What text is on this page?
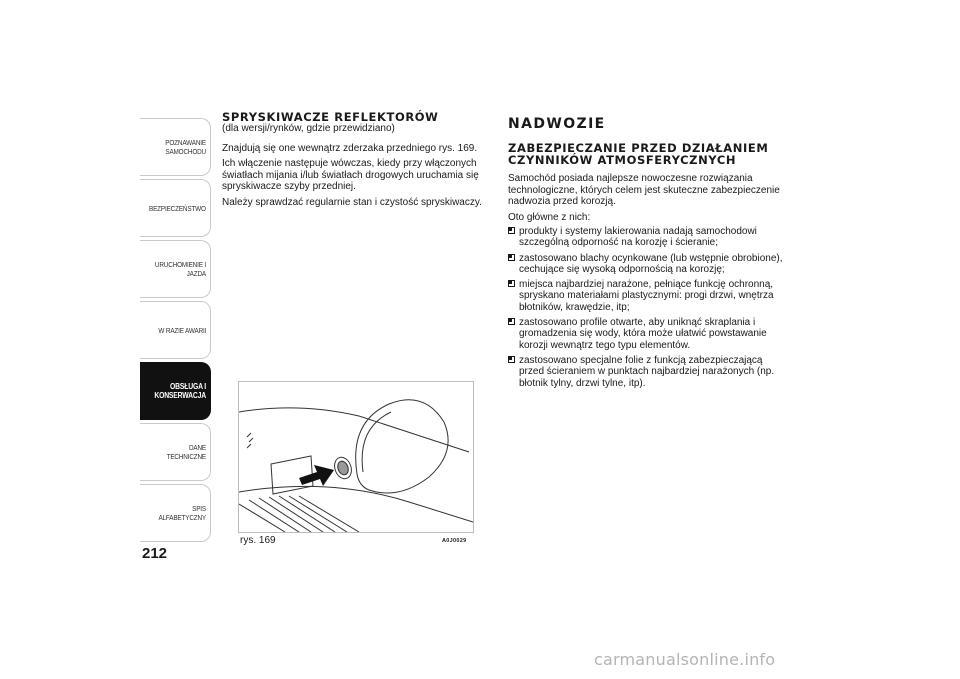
POZNAWANIE SAMOCHODU
BEZPIECZEŃSTWO
URUCHOMIENIE I JAZDA
W RAZIE AWARII
OBSŁUGA I KONSERWACJA
DANE TECHNICZNE
SPIS ALFABETYCZNY
212
SPRYSKIWACZE REFLEKTORÓW

(dla wersji/rynków, gdzie przewidziano)

Znajdują się one wewnątrz zderzaka przedniego rys. 169.

Ich włączenie następuje wówczas, kiedy przy włączonych światłach mijania i/lub światłach drogowych uruchamia się spryskiwacze szyby przedniej.

Należy sprawdzać regularnie stan i czystość spryskiwaczy.

rys. 169	A0J0029
NADWOZIE
ZABEZPIECZANIE PRZED DZIAŁANIEM
CZYNNIKÓW ATMOSFERYCZNYCH

Samochód posiada najlepsze nowoczesne rozwiązania technologiczne, których celem jest skuteczne zabezpieczenie nadwozia przed korozją.

Oto główne z nich:

produkty i systemy lakierowania nadają samochodowi szczególną odporność na korozję i ścieranie;
zastosowano blachy ocynkowane (lub wstępnie obrobione), cechujące się wysoką odpornością na korozję;
miejsca najbardziej narażone, pełniące funkcję ochronną, spryskano materiałami plastycznymi: progi drzwi, wnętrza błotników, krawędzie, itp;
zastosowano profile otwarte, aby uniknąć skraplania i gromadzenia się wody, która może ułatwić powstawanie korozji wewnątrz tego typu elementów.
zastosowano specjalne folie z funkcją zabezpieczającą przed ścieraniem w punktach najbardziej narażonych (np. błotnik tylny, drzwi tylne, itp).
carmanualsonline.info
